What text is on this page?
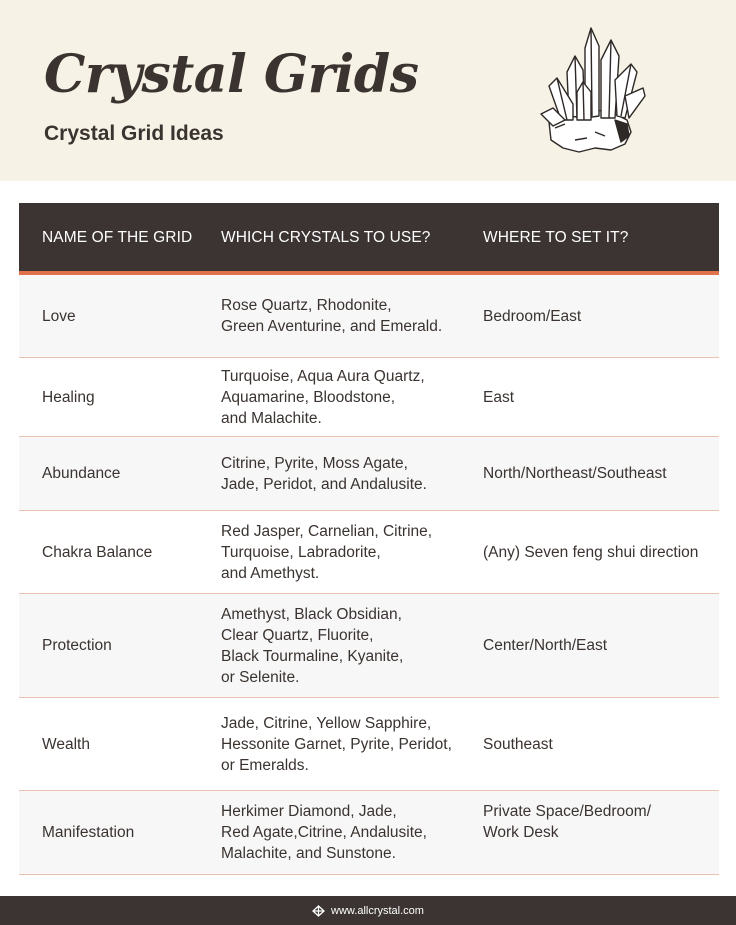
Crystal Grids
Crystal Grid Ideas
NAME OF THE GRID WHICH CRYSTALS TO USE?	WHERE TO SET IT?
Love
Rose Quartz, Rhodonite,
Green Aventurine, and Emerald.
Bedroom/East
Healing
Turquoise, Aqua Aura Quartz,
Aquamarine, Bloodstone,
and Malachite.
East
Abundance
Citrine, Pyrite, Moss Agate,
Jade, Peridot, and Andalusite.
North/Northeast/Southeast
Chakra Balance
Red Jasper, Carnelian, Citrine,
Turquoise, Labradorite,
and Amethyst.
(Any) Seven feng shui direction
Protection
Amethyst, Black Obsidian,
Clear Quartz, Fluorite,
Black Tourmaline, Kyanite,
or Selenite.
Center/North/East
Wealth
Jade, Citrine, Yellow Sapphire,
Hessonite Garnet, Pyrite, Peridot,
or Emeralds.
Southeast
Manifestation
Herkimer Diamond, Jade,
Red Agate,Citrine, Andalusite,
Malachite, and Sunstone.
Private Space/Bedroom/
Work Desk
www.allcrystal.com
